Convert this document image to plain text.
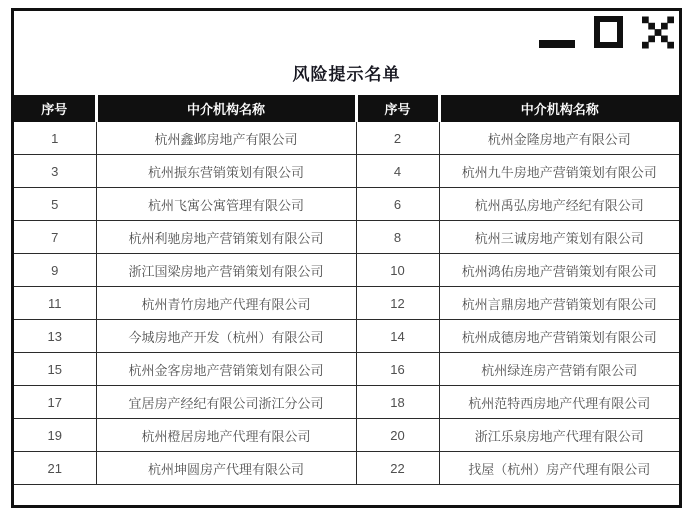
风险提示名单
序号	中介机构名称	序号	中介机构名称
1	杭州鑫邺房地产有限公司	2	杭州金隆房地产有限公司
3	杭州振东营销策划有限公司	4	杭州九牛房地产营销策划有限公司
5	杭州飞寓公寓管理有限公司	6	杭州禹弘房地产经纪有限公司
7	杭州利驰房地产营销策划有限公司	8	杭州三诚房地产策划有限公司
9	浙江国梁房地产营销策划有限公司	10	杭州鸿佑房地产营销策划有限公司
11	杭州青竹房地产代理有限公司	12	杭州言鼎房地产营销策划有限公司
13	今城房地产开发（杭州）有限公司	14	杭州成德房地产营销策划有限公司
15	杭州金客房地产营销策划有限公司	16	杭州绿连房产营销有限公司
17	宜居房产经纪有限公司浙江分公司	18	杭州范特西房地产代理有限公司
19	杭州橙居房地产代理有限公司	20	浙江乐泉房地产代理有限公司
21	杭州坤圆房产代理有限公司	22	找屋（杭州）房产代理有限公司
